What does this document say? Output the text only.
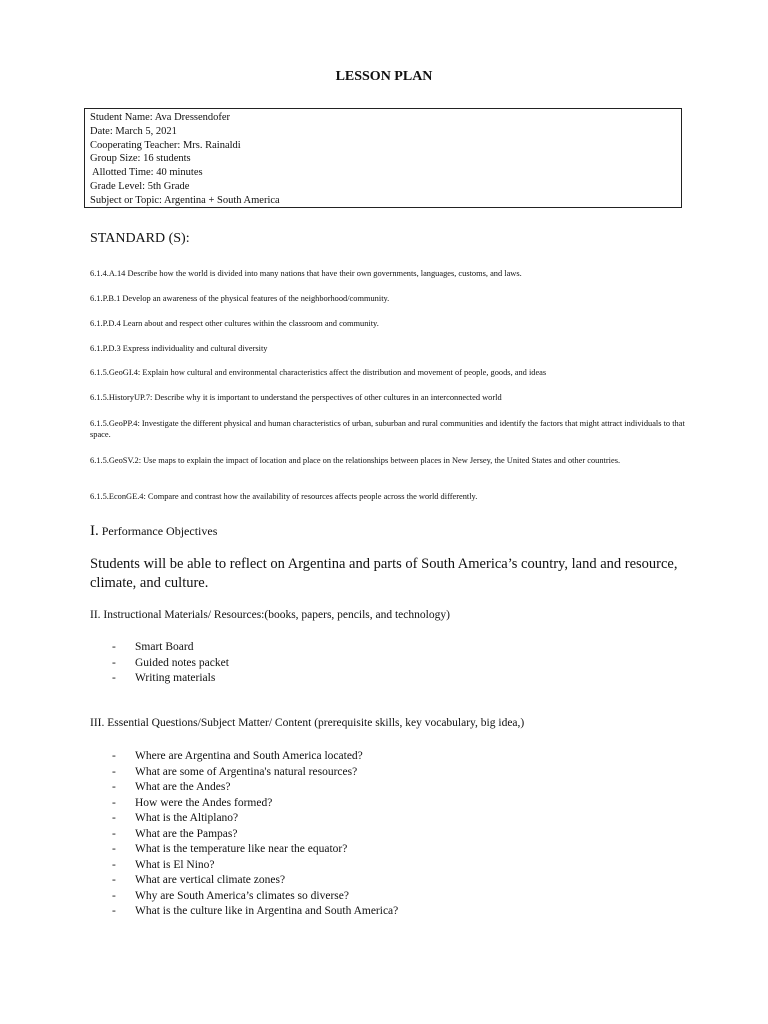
LESSON PLAN
Student Name: Ava Dressendofer
Date: March 5, 2021
Cooperating Teacher: Mrs. Rainaldi
Group Size: 16 students
Allotted Time: 40 minutes
Grade Level: 5th Grade
Subject or Topic: Argentina + South America
STANDARD (S):
6.1.4.A.14 Describe how the world is divided into many nations that have their own governments, languages, customs, and laws.
6.1.P.B.1 Develop an awareness of the physical features of the neighborhood/community.
6.1.P.D.4 Learn about and respect other cultures within the classroom and community.
6.1.P.D.3 Express individuality and cultural diversity
6.1.5.GeoGI.4: Explain how cultural and environmental characteristics affect the distribution and movement of people, goods, and ideas
6.1.5.HistoryUP.7: Describe why it is important to understand the perspectives of other cultures in an interconnected world
6.1.5.GeoPP.4: Investigate the different physical and human characteristics of urban, suburban and rural communities and identify the factors that might attract individuals to that space.
6.1.5.GeoSV.2: Use maps to explain the impact of location and place on the relationships between places in New Jersey, the United States and other countries.
6.1.5.EconGE.4: Compare and contrast how the availability of resources affects people across the world differently.
I. Performance Objectives
Students will be able to reflect on Argentina and parts of South America’s country, land and resource, climate, and culture.
II. Instructional Materials/ Resources:(books, papers, pencils, and technology)
- Smart Board
- Guided notes packet
- Writing materials
III. Essential Questions/Subject Matter/ Content (prerequisite skills, key vocabulary, big idea,)
- Where are Argentina and South America located?
- What are some of Argentina's natural resources?
- What are the Andes?
- How were the Andes formed?
- What is the Altiplano?
- What are the Pampas?
- What is the temperature like near the equator?
- What is El Nino?
- What are vertical climate zones?
- Why are South America’s climates so diverse?
- What is the culture like in Argentina and South America?
